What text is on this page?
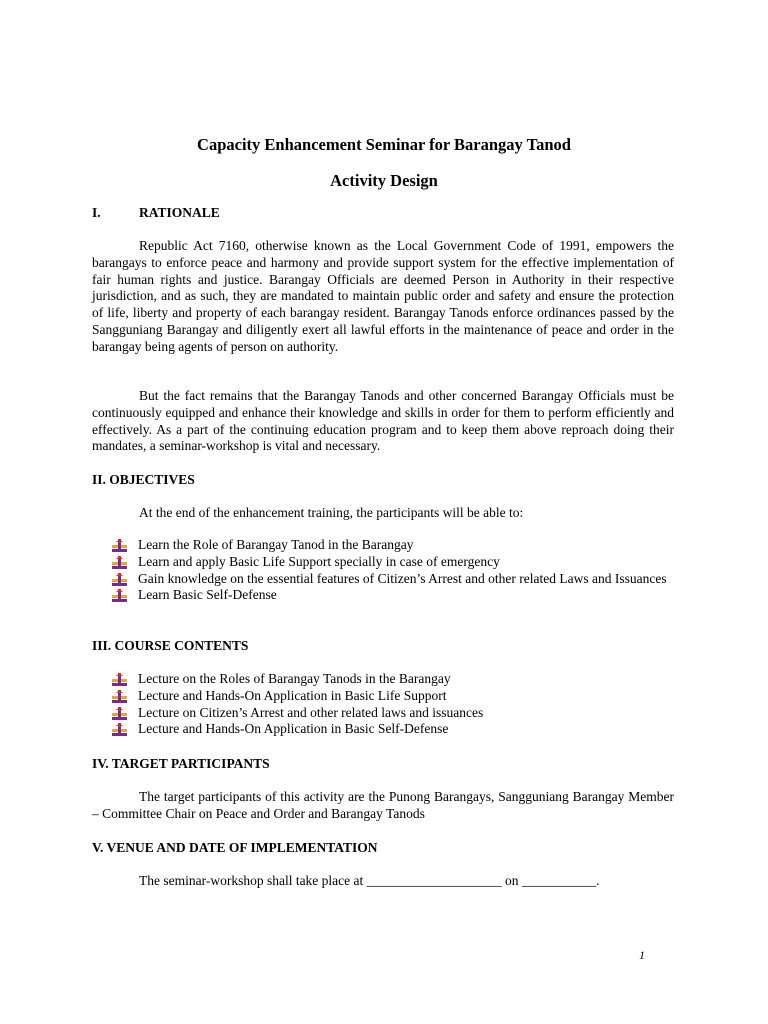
Capacity Enhancement Seminar for Barangay Tanod
Activity Design
I.	RATIONALE

Republic Act 7160, otherwise known as the Local Government Code of 1991, empowers the barangays to enforce peace and harmony and provide support system for the effective implementation of fair human rights and justice. Barangay Officials are deemed Person in Authority in their respective jurisdiction, and as such, they are mandated to maintain public order and safety and ensure the protection of life, liberty and property of each barangay resident. Barangay Tanods enforce ordinances passed by the Sangguniang Barangay and diligently exert all lawful efforts in the maintenance of peace and order in the barangay being agents of person on authority.

But the fact remains that the Barangay Tanods and other concerned Barangay Officials must be continuously equipped and enhance their knowledge and skills in order for them to perform efficiently and effectively. As a part of the continuing education program and to keep them above reproach doing their mandates, a seminar-workshop is vital and necessary.

II. OBJECTIVES

At the end of the enhancement training, the participants will be able to:

Learn the Role of Barangay Tanod in the Barangay
Learn and apply Basic Life Support specially in case of emergency
Gain knowledge on the essential features of Citizen’s Arrest and other related Laws and Issuances
Learn Basic Self-Defense
III. COURSE CONTENTS
Lecture on the Roles of Barangay Tanods in the Barangay
Lecture and Hands-On Application in Basic Life Support
Lecture on Citizen’s Arrest and other related laws and issuances
Lecture and Hands-On Application in Basic Self-Defense
IV. TARGET PARTICIPANTS

The target participants of this activity are the Punong Barangays, Sangguniang Barangay Member – Committee Chair on Peace and Order and Barangay Tanods

V. VENUE AND DATE OF IMPLEMENTATION

The seminar-workshop shall take place at ____________________ on ___________.

1
